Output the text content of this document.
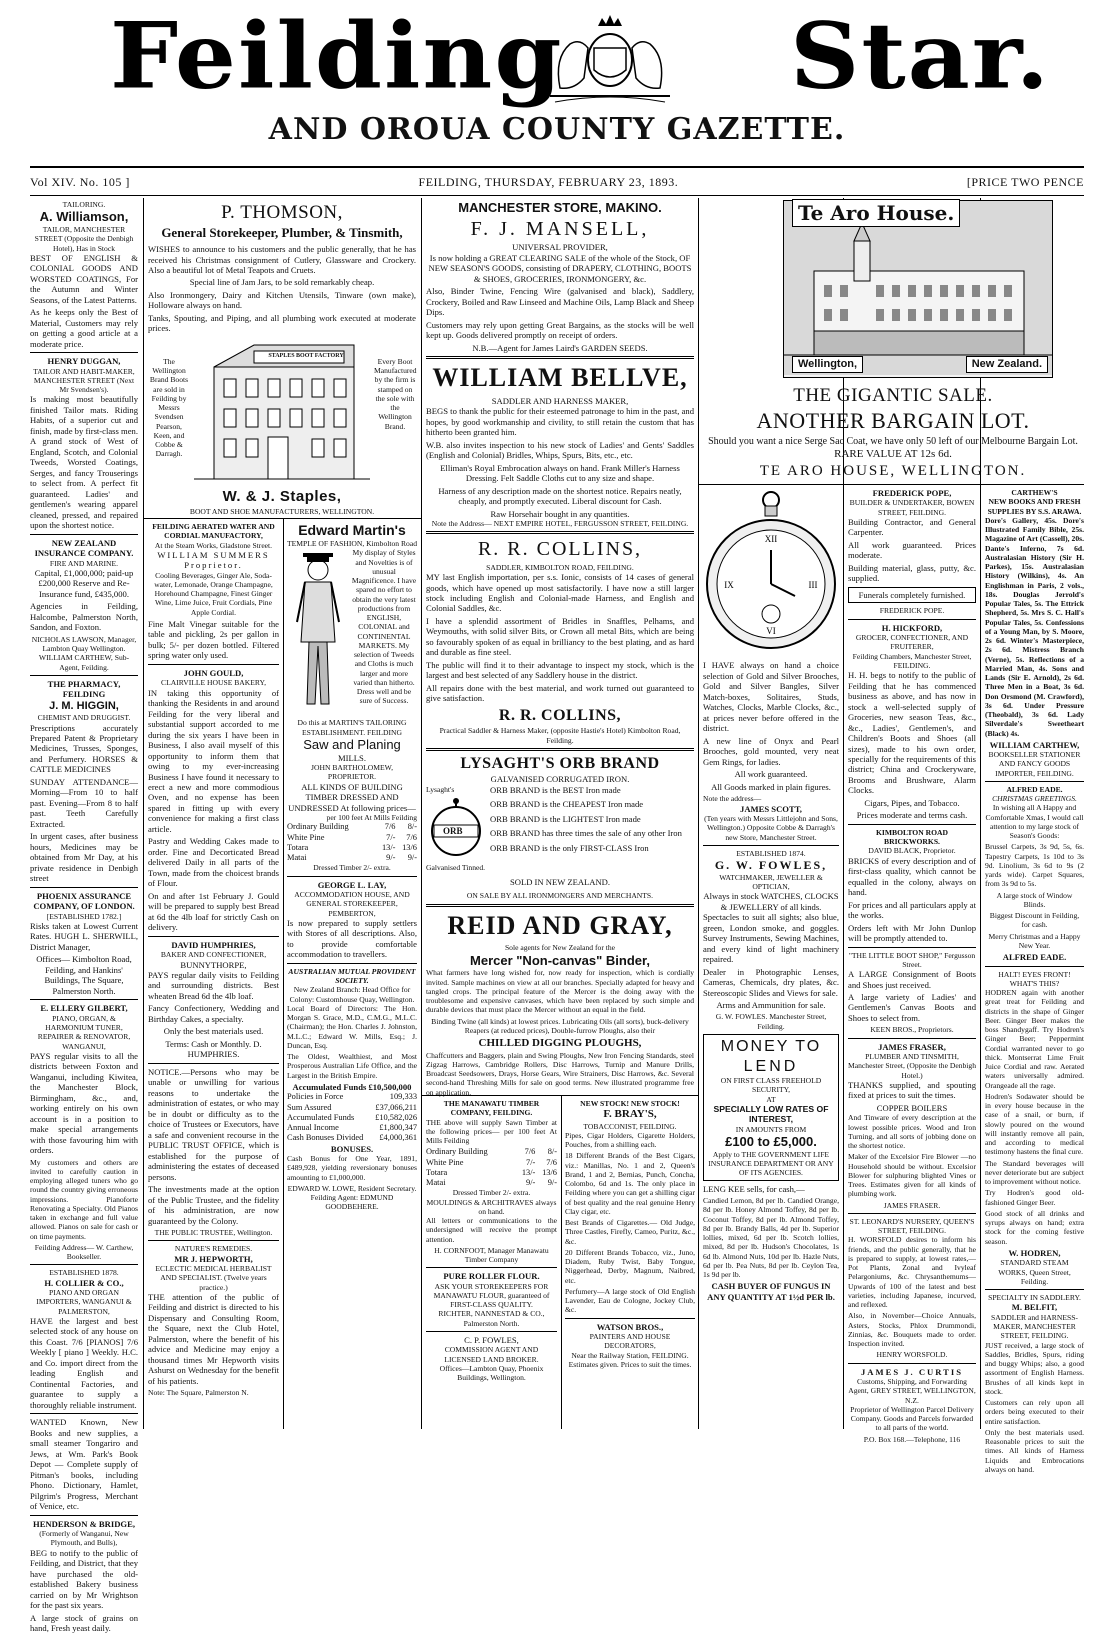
Feilding Star.
AND OROUA COUNTY GAZETTE.
Vol XIV. No. 105 ]	FEILDING, THURSDAY, FEBRUARY 23, 1893.	[PRICE TWO PENCE
TAILORING.
A. Williamson,
TAILOR, MANCHESTER STREET (Opposite the Denbigh Hotel), Has in Stock

BEST OF ENGLISH & COLONIAL GOODS AND WORSTED COATINGS, For the Autumn and Winter Seasons, of the Latest Patterns.

As he keeps only the Best of Material, Customers may rely on getting a good article at a moderate price.

HENRY DUGGAN,
TAILOR AND HABIT-MAKER, MANCHESTER STREET (Next Mr Svendsen's).

Is making most beautifully finished Tailor mats. Riding Habits, of a superior cut and finish, made by first-class men. A grand stock of West of England, Scotch, and Colonial Tweeds, Worsted Coatings, Serges, and fancy Trouserings to select from. A perfect fit guaranteed. Ladies' and gentlemen's wearing apparel cleaned, pressed, and repaired upon the shortest notice.

NEW ZEALAND INSURANCE COMPANY.
FIRE AND MARINE.

Capital, £1,000,000; paid-up £200,000 Reserve and Re-Insurance fund, £435,000.

Agencies in Feilding, Halcombe, Palmerston North, Sandon, and Foxton.

NICHOLAS LAWSON, Manager, Lambton Quay Wellington.
WILLIAM CARTHEW, Sub-Agent, Feilding.
THE PHARMACY, FEILDING
J. M. HIGGIN,
CHEMIST AND DRUGGIST.

Prescriptions accurately Prepared Patent & Proprietary Medicines, Trusses, Sponges, and Perfumery. HORSES & CATTLE MEDICINES

SUNDAY ATTENDANCE— Morning—From 10 to half past. Evening—From 8 to half past. Teeth Carefully Extracted.

In urgent cases, after business hours, Medicines may be obtained from Mr Day, at his private residence in Denbigh street

PHOENIX ASSURANCE COMPANY, OF LONDON.
[ESTABLISHED 1782.]

Risks taken at Lowest Current Rates. HUGH L. SHERWILL, District Manager,

Offices— Kimbolton Road, Feilding, and Hankins' Buildings, The Square, Palmerston North.

E. ELLERY GILBERT,
PIANO, ORGAN, & HARMONIUM TUNER, REPAIRER & RENOVATOR, WANGANUI,

PAYS regular visits to all the districts between Foxton and Wanganui, including Kiwitea, the Manchester Block, Birmingham, &c., and, working entirely on his own account is in a position to make special arrangements with those favouring him with orders.

My customers and others are invited to carefully caution in employing alleged tuners who go round the country giving erroneous impressions. Pianoforte Renovating a Specialty. Old Pianos taken in exchange and full value allowed. Pianos on sale for cash or on time payments.

Feilding Address— W. Carthew, Bookseller.
ESTABLISHED 1878.
H. COLLIER & CO.,
PIANO AND ORGAN IMPORTERS, WANGANUI & PALMERSTON,

HAVE the largest and best selected stock of any house on this Coast. 7/6 [PIANOS] 7/6 Weekly [ piano ] Weekly. H.C. and Co. import direct from the leading English and Continental Factories, and guarantee to supply a thoroughly reliable instrument.

WANTED Known, New Books and new supplies, a small steamer Tongariro and Jews, at Wm. Park's Book Depot — Complete supply of Pitman's books, including Phono. Dictionary, Hamlet, Pilgrim's Progress, Merchant of Venice, etc.

HENDERSON & BRIDGE,
(Formerly of Wanganui, New Plymouth, and Bulls),

BEG to notify to the public of Feilding, and District, that they have purchased the old-established Bakery business carried on by Mr Wrightson for the past six years.

A large stock of grains on hand, Fresh yeast daily.

P. THOMSON,
General Storekeeper, Plumber, & Tinsmith,

WISHES to announce to his customers and the public generally, that he has received his Christmas consignment of Cutlery, Glassware and Crockery. Also a beautiful lot of Metal Teapots and Cruets.

Special line of Jam Jars, to be sold remarkably cheap.

Also Ironmongery, Dairy and Kitchen Utensils, Tinware (own make), Holloware always on hand.

Tanks, Spouting, and Piping, and all plumbing work executed at moderate prices.

The Wellington Brand Boots are sold in Feilding by Messrs Svendsen Pearson, Keen, and Cobbe & Darragh.
STAPLES BOOT FACTORY
Every Boot Manufactured by the firm is stamped on the sole with the Wellington Brand.
W. & J. Staples,
BOOT AND SHOE MANUFACTURERS, WELLINGTON.
FEILDING AERATED WATER AND CORDIAL MANUFACTORY,
At the Steam Works, Gladstone Street.
WILLIAM SUMMERS Proprietor.

Cooling Beverages, Ginger Ale, Soda-water, Lemonade, Orange Champagne, Horehound Champagne, Finest Ginger Wine, Lime Juice, Fruit Cordials, Pine Apple Cordial.

Fine Malt Vinegar suitable for the table and pickling, 2s per gallon in bulk; 5/- per dozen bottled. Filtered spring water only used.

JOHN GOULD,
CLAIRVILLE HOUSE BAKERY,

IN taking this opportunity of thanking the Residents in and around Feilding for the very liberal and substantial support accorded to me during the six years I have been in Business, I also avail myself of this opportunity to inform them that owing to my ever-increasing Business I have found it necessary to erect a new and more commodious Oven, and no expense has been spared in fitting up with every convenience for making a first class article.

Pastry and Wedding Cakes made to order. Fine and Decorticated Bread delivered Daily in all parts of the Town, made from the choicest brands of Flour.

On and after 1st February J. Gould will be prepared to supply best Bread at 6d the 4lb loaf for strictly Cash on delivery.

DAVID HUMPHRIES,
BAKER AND CONFECTIONER,
BUNNYTHORPE,

PAYS regular daily visits to Feilding and surrounding districts. Best wheaten Bread 6d the 4lb loaf.

Fancy Confectionery, Wedding and Birthday Cakes, a specialty.

Only the best materials used.

Terms: Cash or Monthly. D. HUMPHRIES.

NOTICE.—Persons who may be unable or unwilling for various reasons to undertake the administration of estates, or who may be in doubt or difficulty as to the choice of Trustees or Executors, have a safe and convenient recourse in the PUBLIC TRUST OFFICE, which is established for the purpose of administering the estates of deceased persons.

The investments made at the option of the Public Trustee, and the fidelity of his administration, are now guaranteed by the Colony.

THE PUBLIC TRUSTEE, Wellington.
NATURE'S REMEDIES.
MR J. HEPWORTH,
ECLECTIC MEDICAL HERBALIST AND SPECIALIST. (Twelve years practice.)

THE attention of the public of Feilding and district is directed to his Dispensary and Consulting Room, the Square, next the Club Hotel, Palmerston, where the benefit of his advice and Medicine may enjoy a thousand times Mr Hepworth visits Ashurst on Wednesday for the benefit of his patients.

Note: The Square, Palmerston N.
Edward Martin's
TEMPLE OF FASHION, Kimbolton Road
My display of Styles and Novelties is of unusual Magnificence. I have spared no effort to obtain the very latest productions from ENGLISH, COLONIAL and CONTINENTAL MARKETS. My selection of Tweeds and Cloths is much larger and more varied than hitherto. Dress well and be sure of Success.
Do this at MARTIN'S TAILORING ESTABLISHMENT. FEILDING
Saw and Planing
MILLS.
JOHN BARTHOLOMEW, PROPRIETOR.
ALL KINDS OF BUILDING TIMBER DRESSED AND UNDRESSED At following prices—
per 100 feet At Mills Feilding
Ordinary Building	7/6	8/-
White Pine	7/-	7/6
Totara	13/-	13/6
Matai	9/-	9/-
Dressed Timber 2/- extra.
GEORGE L. LAY,
ACCOMMODATION HOUSE, AND GENERAL STOREKEEPER, PEMBERTON,

Is now prepared to supply settlers with Stores of all descriptions. Also, to provide comfortable accommodation to travellers.

AUSTRALIAN MUTUAL PROVIDENT SOCIETY.
New Zealand Branch: Head Office for Colony: Customhouse Quay, Wellington.

Local Board of Directors: The Hon. Morgan S. Grace, M.D., C.M.G., M.L.C. (Chairman); the Hon. Charles J. Johnston, M.L.C.; Edward W. Mills, Esq.; J. Duncan, Esq.

The Oldest, Wealthiest, and Most Prosperous Australian Life Office, and the Largest in the British Empire.

Accumulated Funds £10,500,000
Policies in Force	109,333
Sum Assured	£37,066,211
Accumulated Funds	£10,582,026
Annual Income	£1,800,347
Cash Bonuses Divided	£4,000,361
BONUSES.

Cash Bonus for One Year, 1891, £489,928, yielding reversionary bonuses amounting to £1,000,000.

EDWARD W. LOWE, Resident Secretary.
Feilding Agent: EDMUND GOODBEHERE.
MANCHESTER STORE, MAKINO.
F. J. MANSELL,
UNIVERSAL PROVIDER,

Is now holding a GREAT CLEARING SALE of the whole of the Stock, OF NEW SEASON'S GOODS, consisting of DRAPERY, CLOTHING, BOOTS & SHOES, GROCERIES, IRONMONGERY, &c.

Also, Binder Twine, Fencing Wire (galvanised and black), Saddlery, Crockery, Boiled and Raw Linseed and Machine Oils, Lamp Black and Sheep Dips.

Customers may rely upon getting Great Bargains, as the stocks will be well kept up. Goods delivered promptly on receipt of orders.

N.B.—Agent for James Laird's GARDEN SEEDS.
WILLIAM BELLVE,
SADDLER AND HARNESS MAKER,

BEGS to thank the public for their esteemed patronage to him in the past, and hopes, by good workmanship and civility, to still retain the custom that has hitherto been granted him.

W.B. also invites inspection to his new stock of Ladies' and Gents' Saddles (English and Colonial) Bridles, Whips, Spurs, Bits, etc., etc.

Elliman's Royal Embrocation always on hand. Frank Miller's Harness Dressing. Felt Saddle Cloths cut to any size and shape.

Harness of any description made on the shortest notice. Repairs neatly, cheaply, and promptly executed. Liberal discount for Cash.

Raw Horsehair bought in any quantities.
Note the Address— NEXT EMPIRE HOTEL, FERGUSSON STREET, FEILDING.
R. R. COLLINS,
SADDLER, KIMBOLTON ROAD, FEILDING.

MY last English importation, per s.s. Ionic, consists of 14 cases of general goods, which have opened up most satisfactorily. I have now a still larger stock including English and Colonial-made Harness, and English and Colonial Saddles, &c.

I have a splendid assortment of Bridles in Snaffles, Pelhams, and Weymouths, with solid silver Bits, or Crown all metal Bits, which are being so favourably spoken of as equal in brilliancy to the best plating, and as hard and durable as fine steel.

The public will find it to their advantage to inspect my stock, which is the largest and best selected of any Saddlery house in the district.

All repairs done with the best material, and work turned out guaranteed to give satisfaction.

R. R. COLLINS,
Practical Saddler & Harness Maker, (opposite Hastie's Hotel) Kimbolton Road, Feilding.
LYSAGHT'S ORB BRAND
GALVANISED CORRUGATED IRON.
Lysaght's
ORB
Galvanised Tinned.
ORB BRAND is the BEST Iron made
ORB BRAND is the CHEAPEST Iron made
ORB BRAND is the LIGHTEST Iron made
ORB BRAND has three times the sale of any other Iron
ORB BRAND is the only FIRST-CLASS Iron
SOLD IN NEW ZEALAND.
ON SALE BY ALL IRONMONGERS AND MERCHANTS.
REID AND GRAY,
Sole agents for New Zealand for the
Mercer "Non-canvas" Binder,

What farmers have long wished for, now ready for inspection, which is cordially invited. Sample machines on view at all our branches. Specially adapted for heavy and tangled crops. The principal feature of the Mercer is the doing away with the troublesome and expensive canvases, which have been replaced by such simple and durable devices that must place the Mercer without an equal in the field.

Binding Twine (all kinds) at lowest prices. Lubricating Oils (all sorts), buck-delivery Reapers (at reduced prices), Double-furrow Ploughs, also their

CHILLED DIGGING PLOUGHS,

Chaffcutters and Baggers, plain and Swing Ploughs, New Iron Fencing Standards, steel Zigzag Harrows, Cambridge Rollers, Disc Harrows, Turnip and Manure Drills, Broadcast Seedsowers, Drays, Horse Gears, Wire Strainers, Disc Harrows, &c. Several second-hand Threshing Mills for sale on good terms. New illustrated programme free on application.

THE MANAWATU TIMBER COMPANY, FEILDING.

THE above will supply Sawn Timber at the following prices— per 100 feet At Mills Feilding

Ordinary Building	7/6	8/-
White Pine	7/-	7/6
Totara	13/-	13/6
Matai	9/-	9/-
Dressed Timber 2/- extra.
MOULDINGS & ARCHITRAVES always on hand.

All letters or communications to the undersigned will receive the prompt attention.

H. CORNFOOT, Manager Manawatu Timber Company
PURE ROLLER FLOUR.
ASK YOUR STOREKEEPERS FOR MANAWATU FLOUR, guaranteed of FIRST-CLASS QUALITY.
RICHTER, NANNESTAD & CO., Palmerston North.
C. P. FOWLES,
COMMISSION AGENT AND LICENSED LAND BROKER.
Offices—Lambton Quay, Phoenix Buildings, Wellington.
NEW STOCK! NEW STOCK!
F. BRAY'S,
TOBACCONIST, FEILDING.

Pipes, Cigar Holders, Cigarette Holders, Pouches, from a shilling each.

18 Different Brands of the Best Cigars, viz.: Manillas, No. 1 and 2, Queen's Brand, 1 and 2, Bernias, Punch, Concha, Colombo, 6d and 1s. The only place in Feilding where you can get a shilling cigar of best quality and the real genuine Henry Clay cigar, etc.

Best Brands of Cigarettes.— Old Judge, Three Castles, Firefly, Cameo, Puritz, &c., &c.

20 Different Brands Tobacco, viz., Juno, Diadem, Ruby Twist, Baby Tongue, Niggerhead, Derby, Magnum, Naibred, etc.

Perfumery—A large stock of Old English Lavender, Eau de Cologne, Jockey Club, &c.

WATSON BROS.,
PAINTERS AND HOUSE DECORATORS,
Near the Railway Station, FEILDING.
Estimates given. Prices to suit the times.
Te Aro House.
Wellington,	New Zealand.
THE GIGANTIC SALE.
ANOTHER BARGAIN LOT.
Should you want a nice Serge Sac Coat, we have only 50 left of our Melbourne Bargain Lot.
RARE VALUE AT 12s 6d.
TE ARO HOUSE, WELLINGTON.
XII
III
VI
IX

I HAVE always on hand a choice selection of Gold and Silver Brooches, Gold and Silver Bangles, Silver Match-boxes, Solitaires, Studs, Watches, Clocks, Marble Clocks, &c., at prices never before offered in the district.

A new line of Onyx and Pearl Brooches, gold mounted, very neat Gem Rings, for ladies.

All work guaranteed.

All Goods marked in plain figures.

Note the address—
JAMES SCOTT,
(Ten years with Messrs Littlejohn and Sons, Wellington.) Opposite Cobbe & Darragh's new Store, Manchester Street.
ESTABLISHED 1874.
G. W. FOWLES,
WATCHMAKER, JEWELLER & OPTICIAN,
Always in stock WATCHES, CLOCKS & JEWELLERY of all kinds.

Spectacles to suit all sights; also blue, green, London smoke, and goggles. Survey Instruments, Sewing Machines, and every kind of light machinery repaired.

Dealer in Photographic Lenses, Cameras, Chemicals, dry plates, &c. Stereoscopic Slides and Views for sale.

Arms and Ammunition for sale.

G. W. FOWLES. Manchester Street, Feilding.
MONEY TO
LEND
ON FIRST CLASS FREEHOLD SECURITY,
AT
SPECIALLY LOW RATES OF INTEREST,
IN AMOUNTS FROM
£100 to £5,000.
Apply to THE GOVERNMENT LIFE INSURANCE DEPARTMENT OR ANY OF ITS AGENCIES.

LENG KEE sells, for cash,—

Candied Lemon, 8d per lb. Candied Orange, 8d per lb. Honey Almond Toffey, 8d per lb. Coconut Toffey, 8d per lb. Almond Toffey, 8d per lb. Brandy Balls, 4d per lb. Superior lollies, mixed, 6d per lb. Scotch lollies, mixed, 8d per lb. Hudson's Chocolates, 1s 6d lb. Almond Nuts, 10d per lb. Hazle Nuts, 6d per lb. Pea Nuts, 8d per lb. Ceylon Tea, 1s 9d per lb.

CASH BUYER OF FUNGUS IN ANY QUANTITY AT 1½d PER lb.
FREDERICK POPE,
BUILDER & UNDERTAKER, BOWEN STREET, FEILDING.

Building Contractor, and General Carpenter.

All work guaranteed. Prices moderate.

Building material, glass, putty, &c. supplied.

Funerals completely furnished.
FREDERICK POPE.
H. HICKFORD,
GROCER, CONFECTIONER, AND FRUITERER,
Feilding Chambers, Manchester Street, FEILDING.

H. H. begs to notify to the public of Feilding that he has commenced business as above, and has now in stock a well-selected supply of Groceries, new season Teas, &c., &c., Ladies', Gentlemen's, and Children's Boots and Shoes (all sizes), made to his own order, specially for the requirements of this district; China and Crockeryware, Brooms and Brushware, Alarm Clocks.

Cigars, Pipes, and Tobacco.

Prices moderate and terms cash.

KIMBOLTON ROAD BRICKWORKS.
DAVID BLACK, Proprietor.

BRICKS of every description and of first-class quality, which cannot be equalled in the colony, always on hand.

For prices and all particulars apply at the works.

Orders left with Mr John Dunlop will be promptly attended to.

"THE LITTLE BOOT SHOP," Fergusson Street.

A LARGE Consignment of Boots and Shoes just received.

A large variety of Ladies' and Gentlemen's Canvas Boots and Shoes to select from.

KEEN BROS., Proprietors.
JAMES FRASER,
PLUMBER AND TINSMITH, Manchester Street, (Opposite the Denbigh Hotel.)

THANKS supplied, and spouting fixed at prices to suit the times.

COPPER BOILERS

And Tinware of every description at the lowest possible prices. Wood and Iron Turning, and all sorts of jobbing done on the shortest notice.

Maker of the Excelsior Fire Blower —no Household should be without. Excelsior Blower for sulphuring blighted Vines or Trees. Estimates given for all kinds of plumbing work.

JAMES FRASER.
ST. LEONARD'S NURSERY, QUEEN'S STREET, FEILDING.

H. WORSFOLD desires to inform his friends, and the public generally, that he is prepared to supply, at lowest rates,—Pot Plants, Zonal and Ivyleaf Pelargoniums, &c. Chrysanthemums—Upwards of 100 of the latest and best varieties, including Japanese, incurved, and reflexed.

Also, in November—Choice Annuals, Asters, Stocks, Phlox Drummondi, Zinnias, &c. Bouquets made to order. Inspection invited.

HENRY WORSFOLD.
JAMES J. CURTIS
Customs, Shipping, and Forwarding Agent, GREY STREET, WELLINGTON, N.Z.

Proprietor of Wellington Parcel Delivery Company. Goods and Parcels forwarded to all parts of the world.

P.O. Box 168.—Telephone, 116
CARTHEW'S
NEW BOOKS AND FRESH SUPPLIES BY S.S. ARAWA.

Dore's Gallery, 45s. Dore's Illustrated Family Bible, 25s. Magazine of Art (Cassell), 20s. Dante's Inferno, 7s 6d. Australasian History (Sir H. Parkes), 15s. Australasian History (Wilkins), 4s. An Englishman in Paris, 2 vols., 18s. Douglas Jerrold's Popular Tales, 5s. The Ettrick Shepherd, 5s. Mrs S. C. Hall's Popular Tales, 5s. Confessions of a Young Man, by S. Moore, 2s 6d. Winter's Masterpiece, 2s 6d. Mistress Branch (Verne), 5s. Reflections of a Married Man, 4s. Sons and Lands (Sir E. Arnold), 2s 6d. Three Men in a Boat, 3s 6d. Don Orsmond (M. Crawford), 3s 6d. Under Pressure (Theobald), 3s 6d. Lady Silverdale's Sweetheart (Black) 4s.

WILLIAM CARTHEW,
BOOKSELLER STATIONER AND FANCY GOODS IMPORTER, FEILDING.
ALFRED EADE.
CHRISTMAS GREETINGS.

In wishing all A Happy and Comfortable Xmas, I would call attention to my large stock of Season's Goods:

Brussel Carpets, 3s 9d, 5s, 6s. Tapestry Carpets, 1s 10d to 3s 9d. Linolium, 3s 6d to 9s (2 yards wide). Carpet Squares, from 3s 9d to 5s.

A large stock of Window Blinds.

Biggest Discount in Feilding, for cash.

Merry Christmas and a Happy New Year.

ALFRED EADE.
HALT! EYES FRONT!
WHAT'S THIS?

HODREN again with another great treat for Feilding and districts in the shape of Ginger Beer. Ginger Beer makes the boss Shandygaff. Try Hodren's Ginger Beer; Peppermint Cordial warranted never to go thick. Montserrat Lime Fruit Juice Cordial and raw. Aerated waters universally admired. Orangeade all the rage.

Hodren's Sodawater should be in every house because in the case of a snail, or burn, if slowly poured on the wound will instantly remove all pain, and according to medical testimony hastens the final cure.

The Standard beverages will never deteriorate but are subject to improvement without notice.

Try Hodren's good old-fashioned Ginger Beer.

Good stock of all drinks and syrups always on hand; extra stock for the coming festive season.

W. HODREN,
STANDARD STEAM WORKS, Queen Street, Feilding.
SPECIALTY IN SADDLERY.
M. BELFIT,
SADDLER and HARNESS-MAKER, MANCHESTER STREET, FEILDING.

JUST received, a large stock of Saddles, Bridles, Spurs, riding and buggy Whips; also, a good assortment of English Harness. Brushes of all kinds kept in stock.

Customers can rely upon all orders being executed to their entire satisfaction.

Only the best materials used. Reasonable prices to suit the times. All kinds of Harness Liquids and Embrocations always on hand.
